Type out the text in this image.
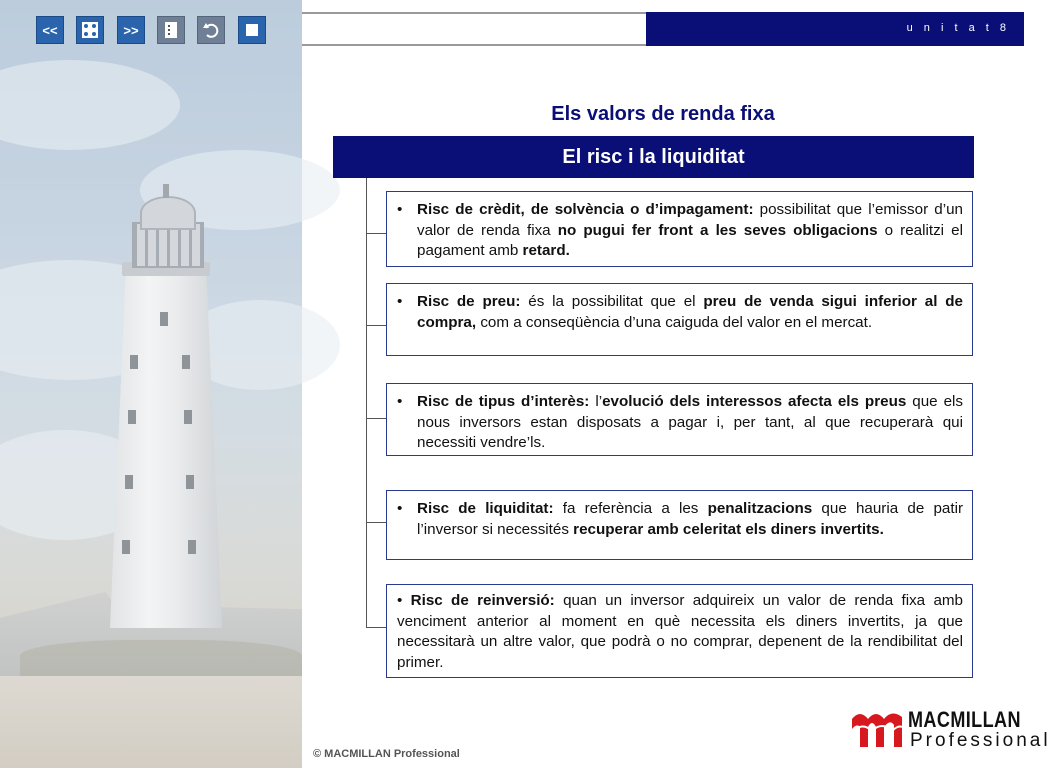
<<	>>	u n i t a t 8
Els valors de renda fixa
El risc i la liquiditat
• Risc de crèdit, de solvència o d’impagament: possibilitat que l’emissor d’un valor de renda fixa no pugui fer front a les seves obligacions o realitzi el pagament amb retard.
• Risc de preu: és la possibilitat que el preu de venda sigui inferior al de compra, com a conseqüència d’una caiguda del valor en el mercat.
• Risc de tipus d’interès: l’evolució dels interessos afecta els preus que els nous inversors estan disposats a pagar i, per tant, al que recuperarà qui necessiti vendre’ls.
• Risc de liquiditat: fa referència a les penalitzacions que hauria de patir l’inversor si necessités recuperar amb celeritat els diners invertits.
• Risc de reinversió: quan un inversor adquireix un valor de renda fixa amb venciment anterior al moment en què necessita els diners invertits, ja que necessitarà un altre valor, que podrà o no comprar, depenent de la rendibilitat del primer.
© MACMILLAN Professional
MACMILLAN
Professional
